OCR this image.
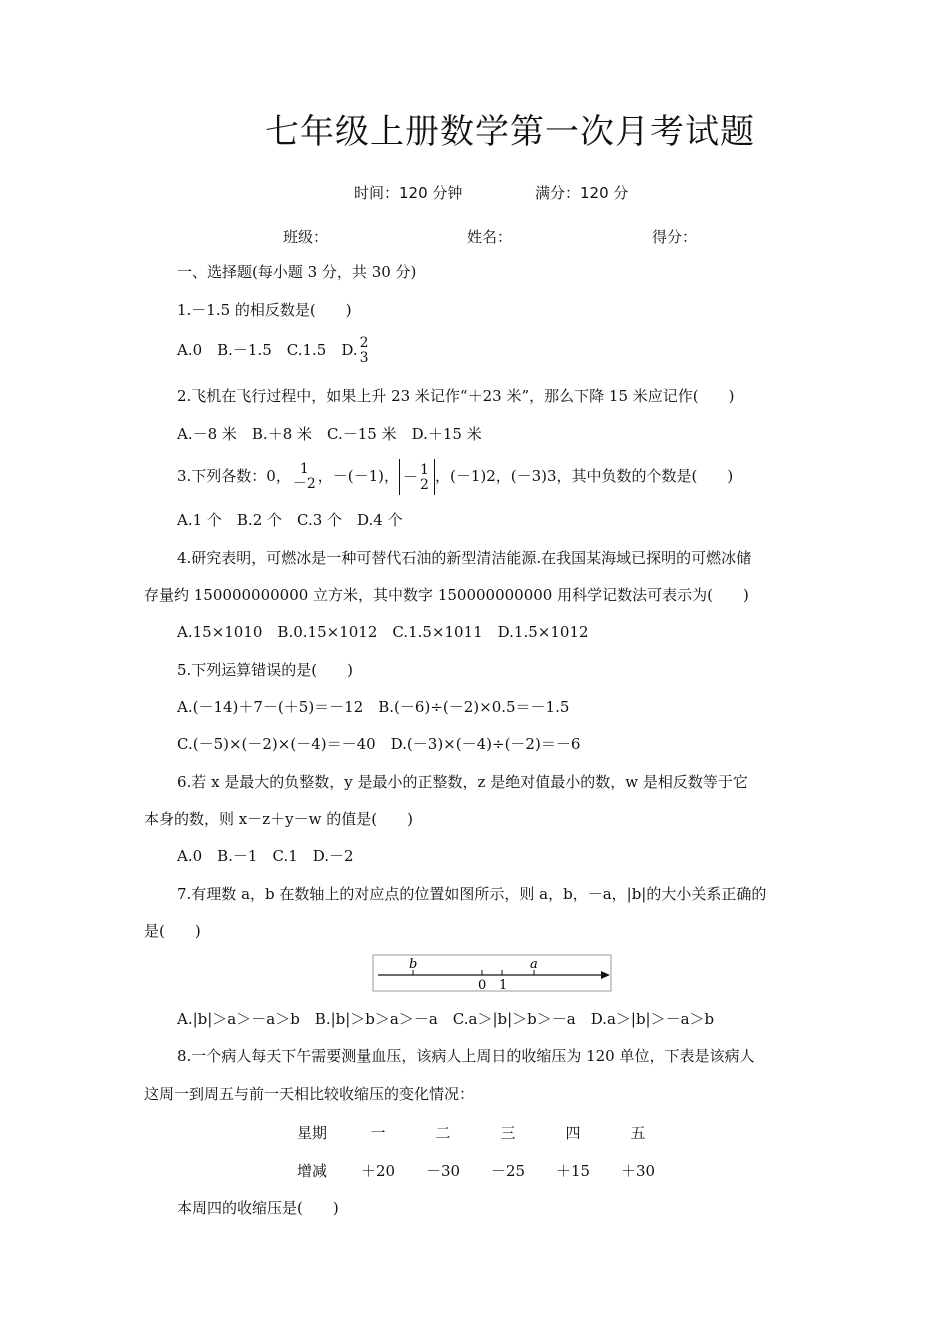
七年级上册数学第一次月考试题
时间：120 分钟	满分：120 分
班级：	姓名：	得分：
一、选择题(每小题 3 分，共 30 分)
1.－1.5 的相反数是(　　)
A.0　B.－1.5　C.1.5　D. 2
3
2.飞机在飞行过程中，如果上升 23 米记作“＋23 米”，那么下降 15 米应记作(　　)
A.－8 米　B.＋8 米　C.－15 米　D.＋15 米
3.下列各数：0， 1
－2 ，－(－1)， － 1
2 ，(－1)2，(－3)3，其中负数的个数是(　　)
A.1 个　B.2 个　C.3 个　D.4 个
4.研究表明，可燃冰是一种可替代石油的新型清洁能源.在我国某海域已探明的可燃冰储
存量约 150000000000 立方米，其中数字 150000000000 用科学记数法可表示为(　　)
A.15×1010　B.0.15×1012　C.1.5×1011　D.1.5×1012
5.下列运算错误的是(　　)
A.(－14)＋7－(＋5)＝－12　B.(－6)÷(－2)×0.5＝－1.5
C.(－5)×(－2)×(－4)＝－40　D.(－3)×(－4)÷(－2)＝－6
6.若 x 是最大的负整数，y 是最小的正整数，z 是绝对值最小的数，w 是相反数等于它
本身的数，则 x－z＋y－w 的值是(　　)
A.0　B.－1　C.1　D.－2
7.有理数 a，b 在数轴上的对应点的位置如图所示，则 a，b，－a，|b|的大小关系正确的
是(　　)
b	a
0 1
A.|b|＞a＞－a＞b　B.|b|＞b＞a＞－a　C.a＞|b|＞b＞－a　D.a＞|b|＞－a＞b
8.一个病人每天下午需要测量血压，该病人上周日的收缩压为 120 单位，下表是该病人
这周一到周五与前一天相比较收缩压的变化情况：
星期	一	二	三	四	五
增减	＋20	－30	－25	＋15	＋30
本周四的收缩压是(　　)
